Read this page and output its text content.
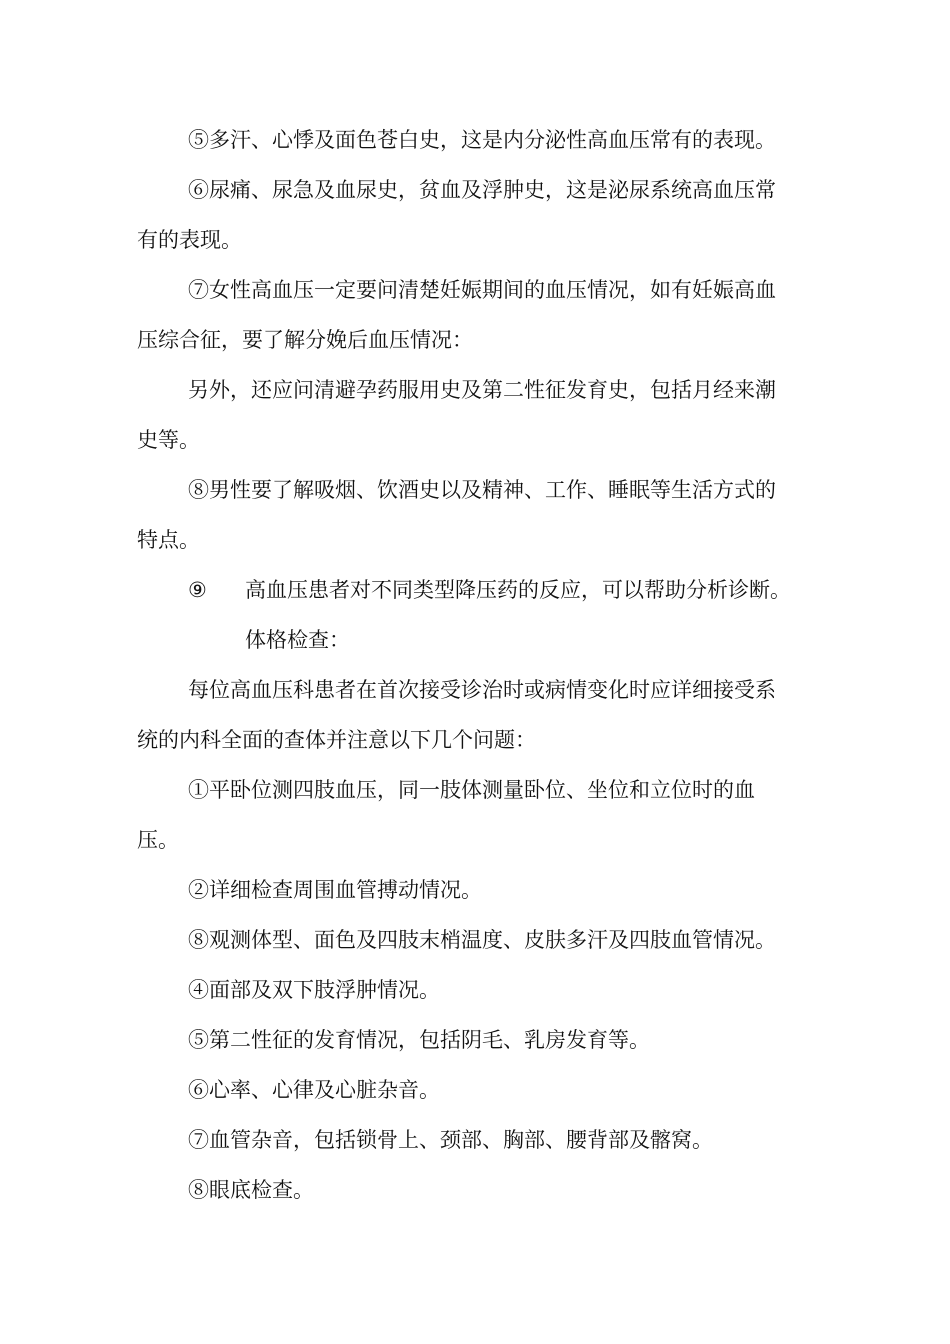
⑤多汗、心悸及面色苍白史，这是内分泌性高血压常有的表现。
⑥尿痛、尿急及血尿史，贫血及浮肿史，这是泌尿系统高血压常
有的表现。
⑦女性高血压一定要问清楚妊娠期间的血压情况，如有妊娠高血
压综合征，要了解分娩后血压情况：
另外，还应问清避孕药服用史及第二性征发育史，包括月经来潮
史等。
⑧男性要了解吸烟、饮酒史以及精神、工作、睡眠等生活方式的
特点。
⑨ 高血压患者对不同类型降压药的反应，可以帮助分析诊断。
体格检查：
每位高血压科患者在首次接受诊治时或病情变化时应详细接受系
统的内科全面的查体并注意以下几个问题：
①平卧位测四肢血压，同一肢体测量卧位、坐位和立位时的血
压。
②详细检查周围血管搏动情况。
⑧观测体型、面色及四肢末梢温度、皮肤多汗及四肢血管情况。
④面部及双下肢浮肿情况。
⑤第二性征的发育情况，包括阴毛、乳房发育等。
⑥心率、心律及心脏杂音。
⑦血管杂音，包括锁骨上、颈部、胸部、腰背部及髂窝。
⑧眼底检查。
